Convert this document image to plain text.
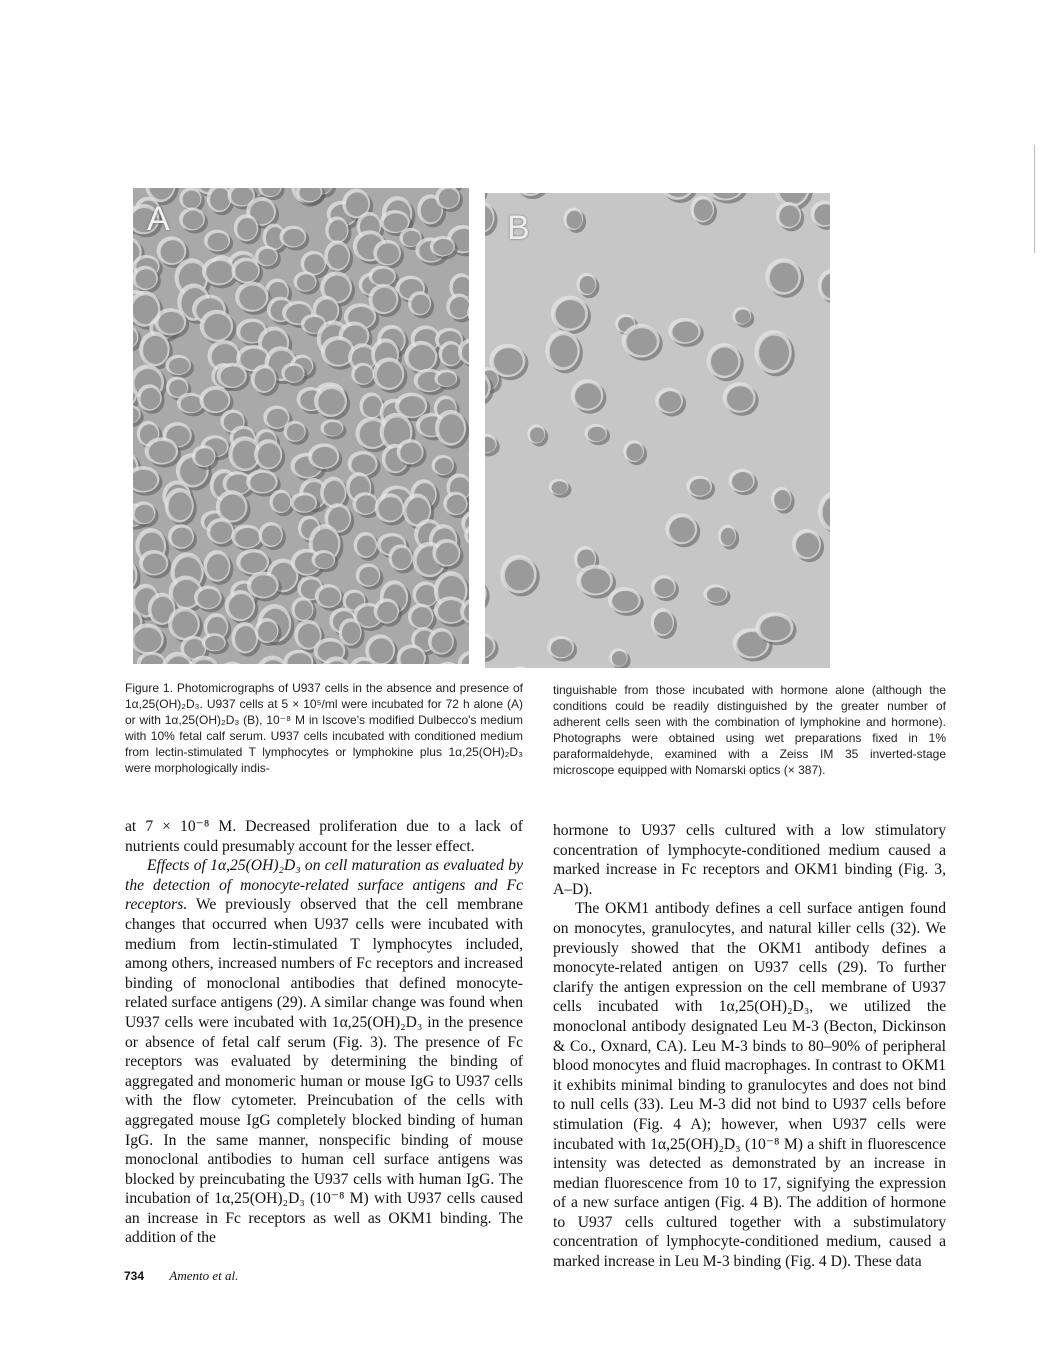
A	B
Figure 1. Photomicrographs of U937 cells in the absence and presence of 1α,25(OH)₂D₃. U937 cells at 5 × 10⁵/ml were incubated for 72 h alone (A) or with 1α,25(OH)₂D₃ (B), 10⁻⁸ M in Iscove's modified Dulbecco's medium with 10% fetal calf serum. U937 cells incubated with conditioned medium from lectin-stimulated T lymphocytes or lymphokine plus 1α,25(OH)₂D₃ were morphologically indis-
tinguishable from those incubated with hormone alone (although the conditions could be readily distinguished by the greater number of adherent cells seen with the combination of lymphokine and hormone). Photographs were obtained using wet preparations fixed in 1% paraformaldehyde, examined with a Zeiss IM 35 inverted-stage microscope equipped with Nomarski optics (× 387).

at 7 × 10⁻⁸ M. Decreased proliferation due to a lack of nutrients could presumably account for the lesser effect.

Effects of 1α,25(OH)₂D₃ on cell maturation as evaluated by the detection of monocyte-related surface antigens and Fc receptors. We previously observed that the cell membrane changes that occurred when U937 cells were incubated with medium from lectin-stimulated T lymphocytes included, among others, increased numbers of Fc receptors and increased binding of monoclonal antibodies that defined monocyte-related surface antigens (29). A similar change was found when U937 cells were incubated with 1α,25(OH)₂D₃ in the presence or absence of fetal calf serum (Fig. 3). The presence of Fc receptors was evaluated by determining the binding of aggregated and monomeric human or mouse IgG to U937 cells with the flow cytometer. Preincubation of the cells with aggregated mouse IgG completely blocked binding of human IgG. In the same manner, nonspecific binding of mouse monoclonal antibodies to human cell surface antigens was blocked by preincubating the U937 cells with human IgG. The incubation of 1α,25(OH)₂D₃ (10⁻⁸ M) with U937 cells caused an increase in Fc receptors as well as OKM1 binding. The addition of the

hormone to U937 cells cultured with a low stimulatory concentration of lymphocyte-conditioned medium caused a marked increase in Fc receptors and OKM1 binding (Fig. 3, A–D).

The OKM1 antibody defines a cell surface antigen found on monocytes, granulocytes, and natural killer cells (32). We previously showed that the OKM1 antibody defines a monocyte-related antigen on U937 cells (29). To further clarify the antigen expression on the cell membrane of U937 cells incubated with 1α,25(OH)₂D₃, we utilized the monoclonal antibody designated Leu M-3 (Becton, Dickinson & Co., Oxnard, CA). Leu M-3 binds to 80–90% of peripheral blood monocytes and fluid macrophages. In contrast to OKM1 it exhibits minimal binding to granulocytes and does not bind to null cells (33). Leu M-3 did not bind to U937 cells before stimulation (Fig. 4 A); however, when U937 cells were incubated with 1α,25(OH)₂D₃ (10⁻⁸ M) a shift in fluorescence intensity was detected as demonstrated by an increase in median fluorescence from 10 to 17, signifying the expression of a new surface antigen (Fig. 4 B). The addition of hormone to U937 cells cultured together with a substimulatory concentration of lymphocyte-conditioned medium, caused a marked increase in Leu M-3 binding (Fig. 4 D). These data

734 Amento et al.
